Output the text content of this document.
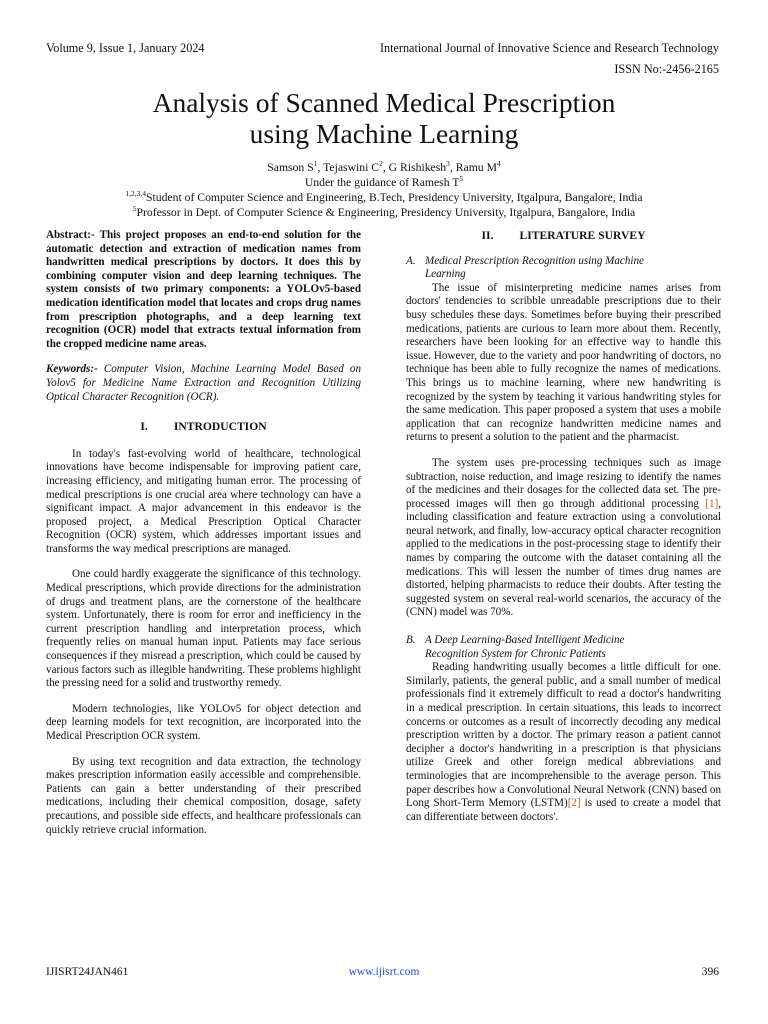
Volume 9, Issue 1, January 2024	International Journal of Innovative Science and Research Technology
ISSN No:-2456-2165
Analysis of Scanned Medical Prescription
using Machine Learning
Samson $S^1$, Tejaswini $C^2$, G Rishikesh$^3$, Ramu $M^4$
Under the guidance of Ramesh $T^5$
$^{1,2,3,4}$Student of Computer Science and Engineering, B.Tech, Presidency University, Itgalpura, Bangalore, India
$^5$Professor in Dept. of Computer Science & Engineering, Presidency University, Itgalpura, Bangalore, India
Abstract:- This project proposes an end-to-end solution for the automatic detection and extraction of medication names from handwritten medical prescriptions by doctors. It does this by combining computer vision and deep learning techniques. The system consists of two primary components: a YOLOv5-based medication identification model that locates and crops drug names from prescription photographs, and a deep learning text recognition (OCR) model that extracts textual information from the cropped medicine name areas.
Keywords:- Computer Vision, Machine Learning Model Based on Yolov5 for Medicine Name Extraction and Recognition Utilizing Optical Character Recognition (OCR).
I. INTRODUCTION
In today's fast-evolving world of healthcare, technological innovations have become indispensable for improving patient care, increasing efficiency, and mitigating human error. The processing of medical prescriptions is one crucial area where technology can have a significant impact. A major advancement in this endeavor is the proposed project, a Medical Prescription Optical Character Recognition (OCR) system, which addresses important issues and transforms the way medical prescriptions are managed.
One could hardly exaggerate the significance of this technology. Medical prescriptions, which provide directions for the administration of drugs and treatment plans, are the cornerstone of the healthcare system. Unfortunately, there is room for error and inefficiency in the current prescription handling and interpretation process, which frequently relies on manual human input. Patients may face serious consequences if they misread a prescription, which could be caused by various factors such as illegible handwriting. These problems highlight the pressing need for a solid and trustworthy remedy.
Modern technologies, like YOLOv5 for object detection and deep learning models for text recognition, are incorporated into the Medical Prescription OCR system.
By using text recognition and data extraction, the technology makes prescription information easily accessible and comprehensible. Patients can gain a better understanding of their prescribed medications, including their chemical composition, dosage, safety precautions, and possible side effects, and healthcare professionals can quickly retrieve crucial information.
II. LITERATURE SURVEY
A. Medical Prescription Recognition using Machine
Learning
The issue of misinterpreting medicine names arises from doctors' tendencies to scribble unreadable prescriptions due to their busy schedules these days. Sometimes before buying their prescribed medications, patients are curious to learn more about them. Recently, researchers have been looking for an effective way to handle this issue. However, due to the variety and poor handwriting of doctors, no technique has been able to fully recognize the names of medications. This brings us to machine learning, where new handwriting is recognized by the system by teaching it various handwriting styles for the same medication. This paper proposed a system that uses a mobile application that can recognize handwritten medicine names and returns to present a solution to the patient and the pharmacist.
The system uses pre-processing techniques such as image subtraction, noise reduction, and image resizing to identify the names of the medicines and their dosages for the collected data set. The pre-processed images will then go through additional processing [1], including classification and feature extraction using a convolutional neural network, and finally, low-accuracy optical character recognition applied to the medications in the post-processing stage to identify their names by comparing the outcome with the dataset containing all the medications. This will lessen the number of times drug names are distorted, helping pharmacists to reduce their doubts. After testing the suggested system on several real-world scenarios, the accuracy of the (CNN) model was 70%.
B. A Deep Learning-Based Intelligent Medicine
Recognition System for Chronic Patients
Reading handwriting usually becomes a little difficult for one. Similarly, patients, the general public, and a small number of medical professionals find it extremely difficult to read a doctor's handwriting in a medical prescription. In certain situations, this leads to incorrect concerns or outcomes as a result of incorrectly decoding any medical prescription written by a doctor. The primary reason a patient cannot decipher a doctor's handwriting in a prescription is that physicians utilize Greek and other foreign medical abbreviations and terminologies that are incomprehensible to the average person. This paper describes how a Convolutional Neural Network (CNN) based on Long Short-Term Memory (LSTM)[2] is used to create a model that can differentiate between doctors'.
IJISRT24JAN461	www.ijisrt.com	396
